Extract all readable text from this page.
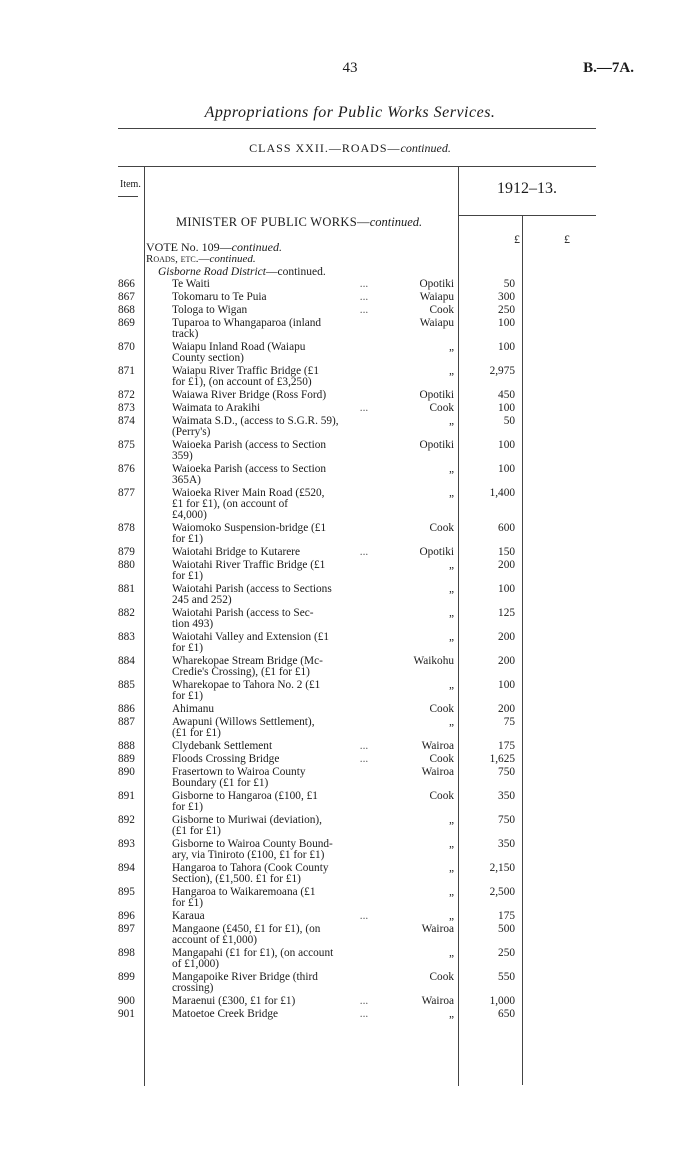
43	B.—7A.
Appropriations for Public Works Services.
CLASS XXII.—ROADS—continued.
Item.	1912–13.
£	£
MINISTER OF PUBLIC WORKS—continued.
VOTE No. 109—continued.
Roads, etc.—continued.
Gisborne Road District—continued.
866	Te Waiti	...	Opotiki	50
867	Tokomaru to Te Puia	...	Waiapu	300
868	Tologa to Wigan	...	Cook	250
869	Tuparoa to Whangaparoa (inland
track)
Waiapu	100
870	Waiapu Inland Road (Waiapu
County section)
„	100
871	Waiapu River Traffic Bridge (£1
for £1), (on account of £3,250)
„	2,975
872	Waiawa River Bridge (Ross Ford)	Opotiki	450
873	Waimata to Arakihi	...	Cook	100
874	Waimata S.D., (access to S.G.R. 59),
(Perry's)
„	50
875	Waioeka Parish (access to Section
359)
Opotiki	100
876	Waioeka Parish (access to Section
365A)
„	100
877	Waioeka River Main Road (£520,
£1 for £1), (on account of
£4,000)
„	1,400
878	Waiomoko Suspension-bridge (£1
for £1)
Cook	600
879	Waiotahi Bridge to Kutarere	...	Opotiki	150
880	Waiotahi River Traffic Bridge (£1
for £1)
„	200
881	Waiotahi Parish (access to Sections
245 and 252)
„	100
882	Waiotahi Parish (access to Sec-
tion 493)
„	125
883	Waiotahi Valley and Extension (£1
for £1)
„	200
884	Wharekopae Stream Bridge (Mc-
Credie's Crossing), (£1 for £1)
Waikohu	200
885	Wharekopae to Tahora No. 2 (£1
for £1)
„	100
886	Ahimanu	Cook	200
887	Awapuni (Willows Settlement),
(£1 for £1)
„	75
888	Clydebank Settlement	...	Wairoa	175
889	Floods Crossing Bridge	...	Cook	1,625
890	Frasertown to Wairoa County
Boundary (£1 for £1)
Wairoa	750
891	Gisborne to Hangaroa (£100, £1
for £1)
Cook	350
892	Gisborne to Muriwai (deviation),
(£1 for £1)
„	750
893	Gisborne to Wairoa County Bound-
ary, via Tiniroto (£100, £1 for £1)
„	350
894	Hangaroa to Tahora (Cook County
Section), (£1,500. £1 for £1)
„	2,150
895	Hangaroa to Waikaremoana (£1
for £1)
„	2,500
896	Karaua	...	„	175
897	Mangaone (£450, £1 for £1), (on
account of £1,000)
Wairoa	500
898	Mangapahi (£1 for £1), (on account
of £1,000)
„	250
899	Mangapoike River Bridge (third
crossing)
Cook	550
900	Maraenui (£300, £1 for £1)	...	Wairoa	1,000
901	Matoetoe Creek Bridge	...	„	650
